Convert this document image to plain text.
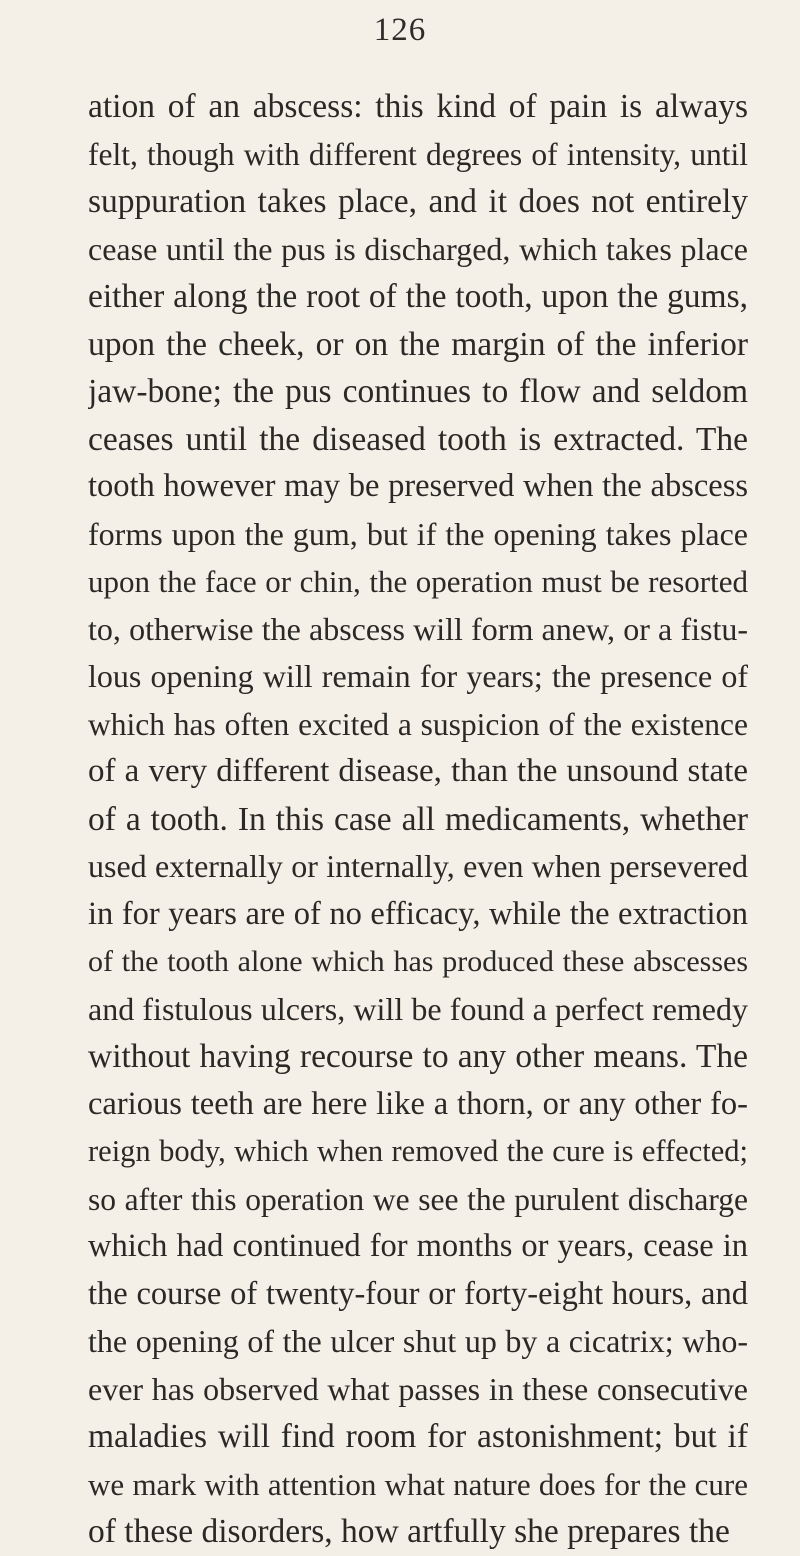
126
ation of an abscess: this kind of pain is always
felt, though with different degrees of intensity, until
suppuration takes place, and it does not entirely
cease until the pus is discharged, which takes place
either along the root of the tooth, upon the gums,
upon the cheek, or on the margin of the inferior
jaw-bone; the pus continues to flow and seldom
ceases until the diseased tooth is extracted. The
tooth however may be preserved when the abscess
forms upon the gum, but if the opening takes place
upon the face or chin, the operation must be resorted
to, otherwise the abscess will form anew, or a fistu-
lous opening will remain for years; the presence of
which has often excited a suspicion of the existence
of a very different disease, than the unsound state
of a tooth. In this case all medicaments, whether
used externally or internally, even when persevered
in for years are of no efficacy, while the extraction
of the tooth alone which has produced these abscesses
and fistulous ulcers, will be found a perfect remedy
without having recourse to any other means. The
carious teeth are here like a thorn, or any other fo-
reign body, which when removed the cure is effected;
so after this operation we see the purulent discharge
which had continued for months or years, cease in
the course of twenty-four or forty-eight hours, and
the opening of the ulcer shut up by a cicatrix; who-
ever has observed what passes in these consecutive
maladies will find room for astonishment; but if
we mark with attention what nature does for the cure
of these disorders, how artfully she prepares the
